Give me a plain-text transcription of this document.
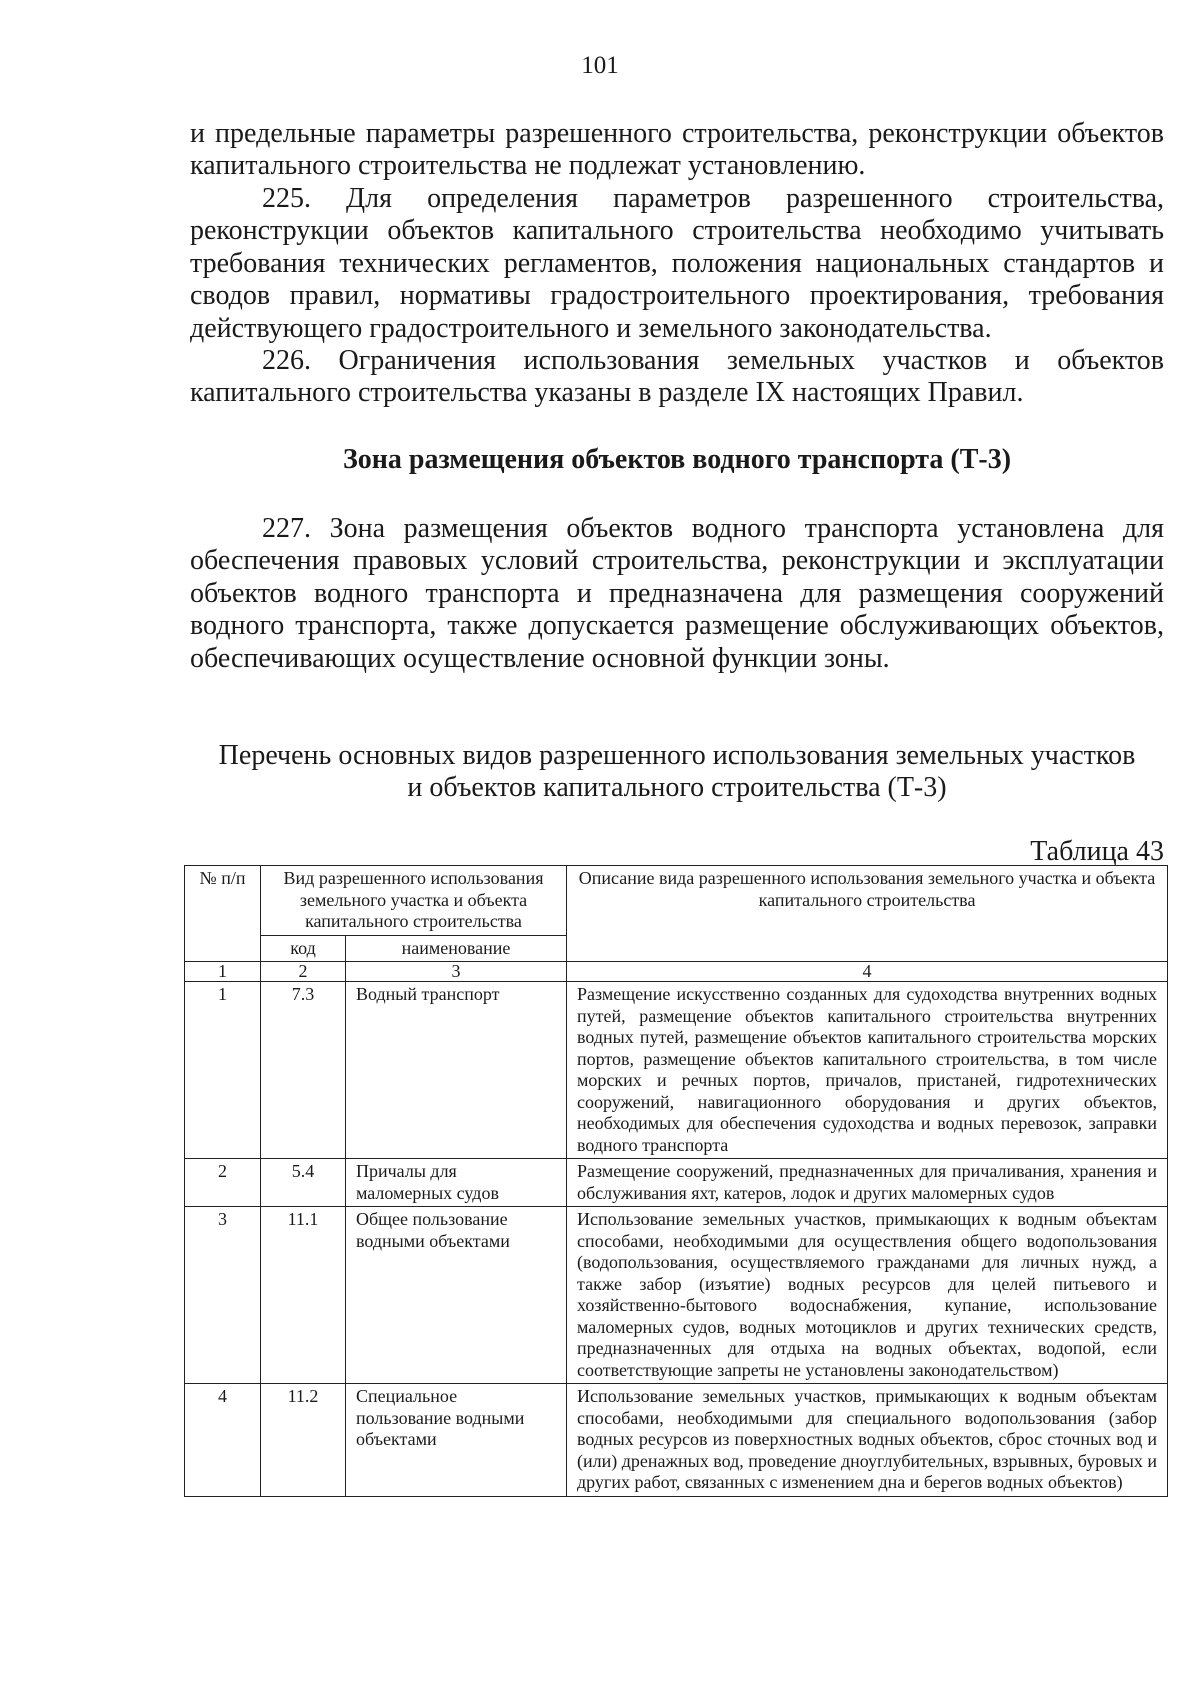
101

и предельные параметры разрешенного строительства, реконструкции объектов капитального строительства не подлежат установлению.

225. Для определения параметров разрешенного строительства, реконструкции объектов капитального строительства необходимо учитывать требования технических регламентов, положения национальных стандартов и сводов правил, нормативы градостроительного проектирования, требования действующего градостроительного и земельного законодательства.

226. Ограничения использования земельных участков и объектов капитального строительства указаны в разделе IX настоящих Правил.

Зона размещения объектов водного транспорта (Т-3)

227. Зона размещения объектов водного транспорта установлена для обеспечения правовых условий строительства, реконструкции и эксплуатации объектов водного транспорта и предназначена для размещения сооружений водного транспорта, также допускается размещение обслуживающих объектов, обеспечивающих осуществление основной функции зоны.

Перечень основных видов разрешенного использования земельных участков
и объектов капитального строительства (Т-3)
Таблица 43
№ п/п	Вид разрешенного использования земельного участка и объекта капитального строительства		Описание вида разрешенного использования земельного участка и объекта капитального строительства
	код	наименование	
1	2	3	4
1	7.3	Водный транспорт	Размещение искусственно созданных для судоходства внутренних водных путей, размещение объектов капитального строительства внутренних водных путей, размещение объектов капитального строительства морских портов, размещение объектов капитального строительства, в том числе морских и речных портов, причалов, пристаней, гидротехнических сооружений, навигационного оборудования и других объектов, необходимых для обеспечения судоходства и водных перевозок, заправки водного транспорта
2	5.4	Причалы для маломерных судов	Размещение сооружений, предназначенных для причаливания, хранения и обслуживания яхт, катеров, лодок и других маломерных судов
3	11.1	Общее пользование водными объектами	Использование земельных участков, примыкающих к водным объектам способами, необходимыми для осуществления общего водопользования (водопользования, осуществляемого гражданами для личных нужд, а также забор (изъятие) водных ресурсов для целей питьевого и хозяйственно-бытового водоснабжения, купание, использование маломерных судов, водных мотоциклов и других технических средств, предназначенных для отдыха на водных объектах, водопой, если соответствующие запреты не установлены законодательством)
4	11.2	Специальное пользование водными объектами	Использование земельных участков, примыкающих к водным объектам способами, необходимыми для специального водопользования (забор водных ресурсов из поверхностных водных объектов, сброс сточных вод и (или) дренажных вод, проведение дноуглубительных, взрывных, буровых и других работ, связанных с изменением дна и берегов водных объектов)
